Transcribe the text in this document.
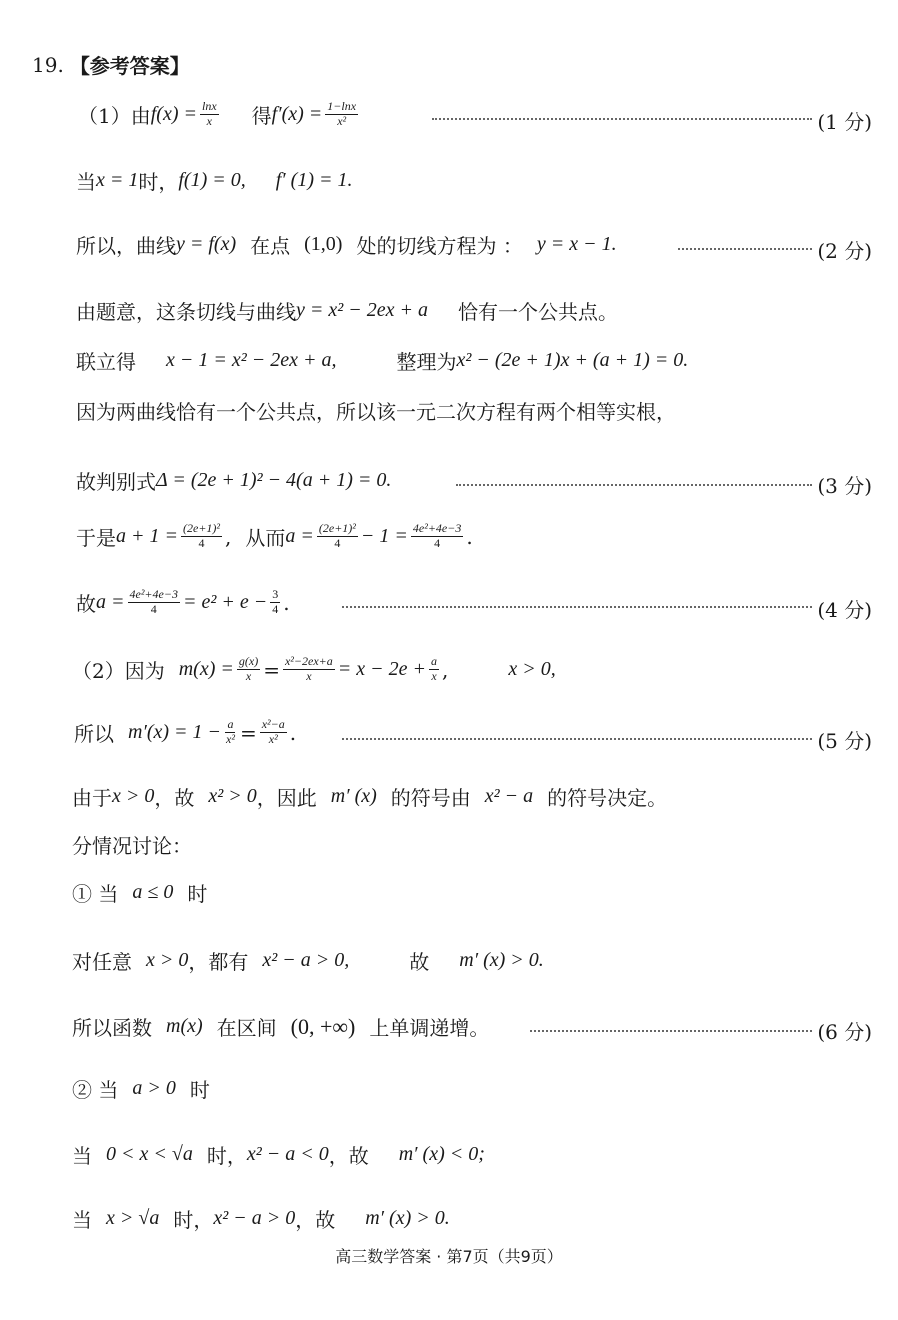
19. 【参考答案】
（1）由 $f(x) = \frac{\ln x}{x}$ 得 $f'(x) = \frac{1-\ln x}{\text{x²}}$	(1 分)
当 x = 1 时， f(1) = 0, f′ (1) = 1.
所以，曲线 y = f(x) 在点 (1,0) 处的切线方程为 ： y = x − 1.	(2 分)
由题意，这条切线与曲线 y = x² − 2ex + a 恰有一个公共点。
联立得 x − 1 = x² − 2ex + a,	整理为 x² − (2e + 1)x + (a + 1) = 0.
因为两曲线恰有一个公共点，所以该一元二次方程有两个相等实根，
故判别式 Δ = (2e + 1)² − 4(a + 1) = 0.	(3 分)
于是 $a + 1 = \frac{\text{(2e+1)²}}{4}$ , 从而 $a = \frac{\text{(2e+1)²}}{4} - 1 = \frac{\text{4e²+4e−3}}{4}$ .
故 $a = \frac{\text{4e²+4e−3}}{4} = e^2 + e - \frac{3}{4}$ .	(4 分)
（2）因为 $m(x) = \frac{g(x)}{x} = \frac{\text{x²−2ex+a}}{x} = x - 2e + \frac{a}{x}$ ,	x > 0,
所以 $m'(x) = 1 - \frac{a}{\text{x²}} = \frac{\text{x²−a}}{\text{x²}}$ .	(5 分)
由于 x > 0 ，故 x² > 0 ，因此 m′ (x) 的符号由 x² − a 的符号决定。
分情况讨论：
① 当 a ≤ 0 时
对任意 x > 0 ，都有 x² − a > 0,	故 m′ (x) > 0.
所以函数 m(x) 在区间 (0, +∞) 上单调递增。	(6 分)
② 当 a > 0 时
当 0 < x < √a 时， x² − a < 0 ，故 m′ (x) < 0;
当 x > √a 时， x² − a > 0 ，故 m′ (x) > 0.
高三数学答案 · 第7页（共9页）
